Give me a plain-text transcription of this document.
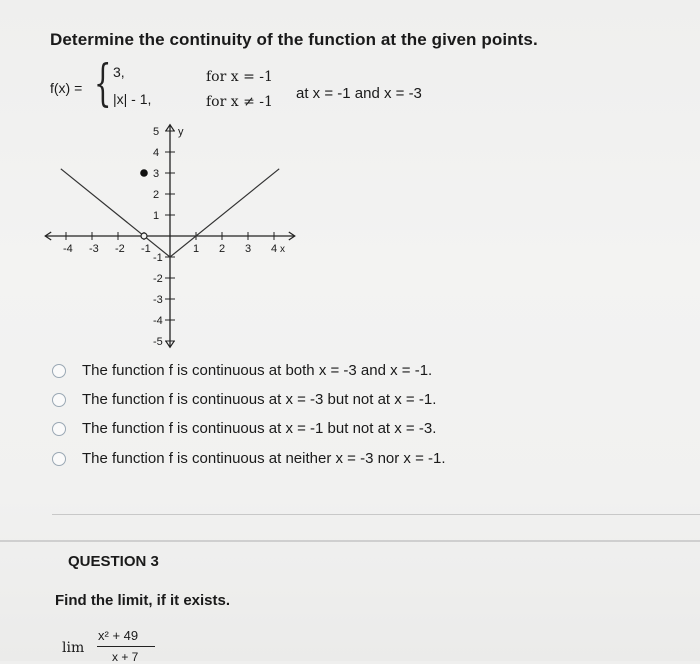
Determine the continuity of the function at the given points.
f(x) = { 3,
|x| - 1,
for x = -1
for x ≠ -1 at x = -1 and x = -3
-4 -3 -2 -1	1 2 3 4 x
5
4
3
2
1
-1
-2
-3
-4
-5
y
The function f is continuous at both x = -3 and x = -1.
The function f is continuous at x = -3 but not at x = -1.
The function f is continuous at x = -1 but not at x = -3.
The function f is continuous at neither x = -3 nor x = -1.
QUESTION 3
Find the limit, if it exists.
lim
x² + 49
x + 7
